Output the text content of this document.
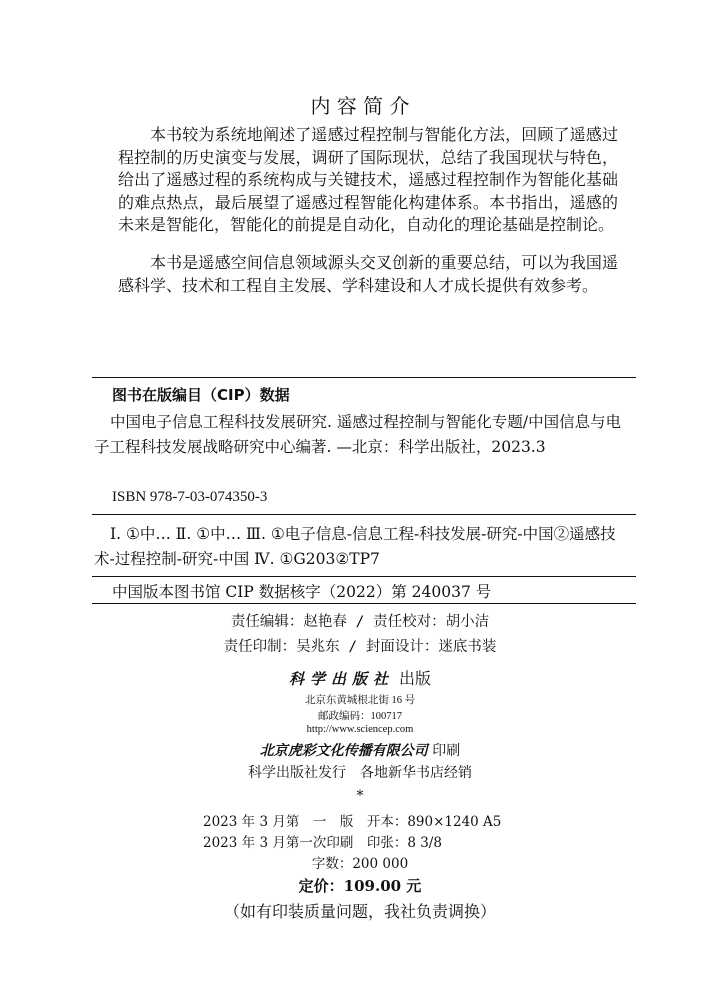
内 容 简 介
本书较为系统地阐述了遥感过程控制与智能化方法，回顾了遥感过程控制的历史演变与发展，调研了国际现状，总结了我国现状与特色，给出了遥感过程的系统构成与关键技术，遥感过程控制作为智能化基础的难点热点，最后展望了遥感过程智能化构建体系。本书指出，遥感的未来是智能化，智能化的前提是自动化，自动化的理论基础是控制论。
本书是遥感空间信息领域源头交叉创新的重要总结，可以为我国遥感科学、技术和工程自主发展、学科建设和人才成长提供有效参考。
图书在版编目（CIP）数据
中国电子信息工程科技发展研究. 遥感过程控制与智能化专题/中国信息与电子工程科技发展战略研究中心编著. —北京：科学出版社，2023.3
ISBN 978-7-03-074350-3
Ⅰ. ①中… Ⅱ. ①中… Ⅲ. ①电子信息-信息工程-科技发展-研究-中国②遥感技术-过程控制-研究-中国 Ⅳ. ①G203②TP7
中国版本图书馆 CIP 数据核字（2022）第 240037 号
责任编辑：赵艳春 / 责任校对：胡小洁
责任印制：吴兆东 / 封面设计：迷底书装
科学出版社 出版
北京东黄城根北街 16 号
邮政编码：100717
http://www.sciencep.com
北京虎彩文化传播有限公司 印刷
科学出版社发行　各地新华书店经销
*
2023 年 3 月第　一　版　开本：890×1240 A5
2023 年 3 月第一次印刷　印张：8 3/8
字数：200 000
定价：109.00 元
（如有印装质量问题，我社负责调换）
